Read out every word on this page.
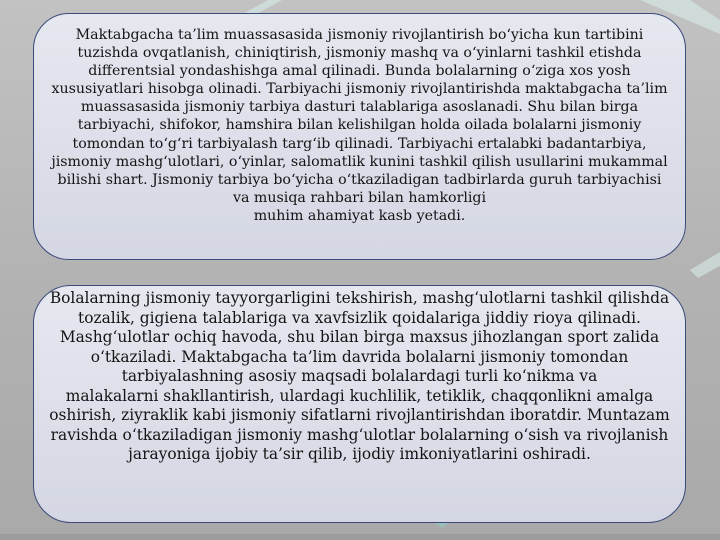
Maktabgacha ta’lim muassasasida jismoniy rivojlantirish bo‘yicha kun tartibini tuzishda ovqatlanish, chiniqtirish, jismoniy mashq va o‘yinlarni tashkil etishda differentsial yondashishga amal qilinadi. Bunda bolalarning o‘ziga xos yosh xususiyatlari hisobga olinadi. Tarbiyachi jismoniy rivojlantirishda maktabgacha ta’lim muassasasida jismoniy tarbiya dasturi talablariga asoslanadi. Shu bilan birga tarbiyachi, shifokor, hamshira bilan kelishilgan holda oilada bolalarni jismoniy tomondan to‘g‘ri tarbiyalash targ‘ib qilinadi. Tarbiyachi ertalabki badantarbiya, jismoniy mashg‘ulotlari, o‘yinlar, salomatlik kunini tashkil qilish usullarini mukammal bilishi shart. Jismoniy tarbiya bo‘yicha o‘tkaziladigan tadbirlarda guruh tarbiyachisi va musiqa rahbari bilan hamkorligi

muhim ahamiyat kasb yetadi.

Bolalarning jismoniy tayyorgarligini tekshirish, mashg‘ulotlarni tashkil qilishda tozalik, gigiena talablariga va xavfsizlik qoidalariga jiddiy rioya qilinadi. Mashg‘ulotlar ochiq havoda, shu bilan birga maxsus jihozlangan sport zalida o‘tkaziladi. Maktabgacha ta’lim davrida bolalarni jismoniy tomondan tarbiyalashning asosiy maqsadi bolalardagi turli ko‘nikma va

malakalarni shakllantirish, ulardagi kuchlilik, tetiklik, chaqqonlikni amalga oshirish, ziyraklik kabi jismoniy sifatlarni rivojlantirishdan iboratdir. Muntazam ravishda o‘tkaziladigan jismoniy mashg‘ulotlar bolalarning o‘sish va rivojlanish jarayoniga ijobiy ta’sir qilib, ijodiy imkoniyatlarini oshiradi.
